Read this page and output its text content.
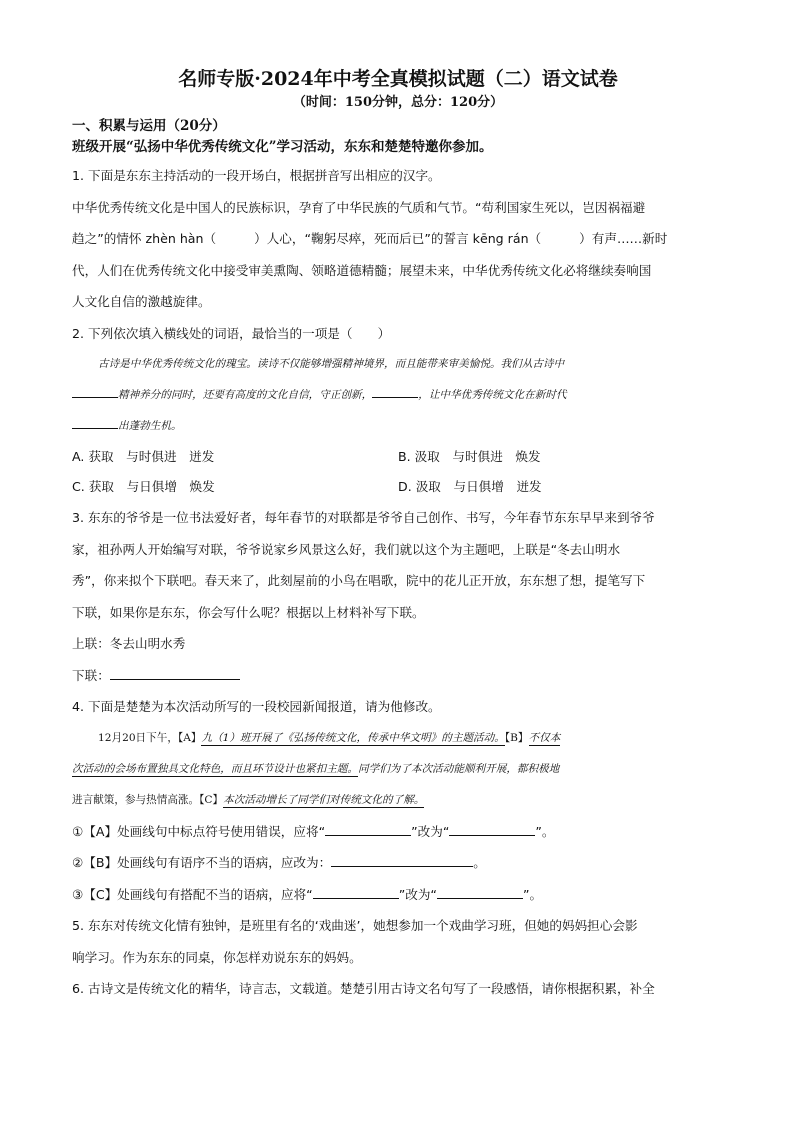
名师专版·2024年中考全真模拟试题（二）语文试卷
（时间：150分钟，总分：120分）
一、积累与运用（20分）
班级开展“弘扬中华优秀传统文化”学习活动，东东和楚楚特邀你参加。
1. 下面是东东主持活动的一段开场白，根据拼音写出相应的汉字。
中华优秀传统文化是中国人的民族标识，孕育了中华民族的气质和气节。“苟利国家生死以，岂因祸福避
趋之”的情怀 zhèn hàn（	）人心，“鞠躬尽瘁，死而后已”的誓言 kēng rán（	）有声……新时
代，人们在优秀传统文化中接受审美熏陶、领略道德精髓；展望未来，中华优秀传统文化必将继续奏响国
人文化自信的激越旋律。
2. 下列依次填入横线处的词语，最恰当的一项是（　　）
古诗是中华优秀传统文化的瑰宝。读诗不仅能够增强精神境界，而且能带来审美愉悦。我们从古诗中
精神养分的同时，还要有高度的文化自信，守正创新，	，让中华优秀传统文化在新时代
出蓬勃生机。
A. 获取　与时俱进　迸发	B. 汲取　与时俱进　焕发
C. 获取　与日俱增　焕发	D. 汲取　与日俱增　迸发
3. 东东的爷爷是一位书法爱好者，每年春节的对联都是爷爷自己创作、书写，今年春节东东早早来到爷爷
家，祖孙两人开始编写对联，爷爷说家乡风景这么好，我们就以这个为主题吧，上联是“冬去山明水
秀”，你来拟个下联吧。春天来了，此刻屋前的小鸟在唱歌，院中的花儿正开放，东东想了想，提笔写下
下联，如果你是东东，你会写什么呢？根据以上材料补写下联。
上联：冬去山明水秀
下联：
4. 下面是楚楚为本次活动所写的一段校园新闻报道，请为他修改。
12月20日下午，【A】九（1）班开展了《弘扬传统文化，传承中华文明》的主题活动。【B】不仅本
次活动的会场布置独具文化特色，而且环节设计也紧扣主题。同学们为了本次活动能顺利开展，都积极地
进言献策，参与热情高涨。【C】本次活动增长了同学们对传统文化的了解。
①【A】处画线句中标点符号使用错误，应将“	”改为“	”。
②【B】处画线句有语序不当的语病，应改为：	。
③【C】处画线句有搭配不当的语病，应将“	”改为“	”。
5. 东东对传统文化情有独钟，是班里有名的‘戏曲迷’，她想参加一个戏曲学习班，但她的妈妈担心会影
响学习。作为东东的同桌，你怎样劝说东东的妈妈。
6. 古诗文是传统文化的精华，诗言志，文载道。楚楚引用古诗文名句写了一段感悟，请你根据积累，补全
